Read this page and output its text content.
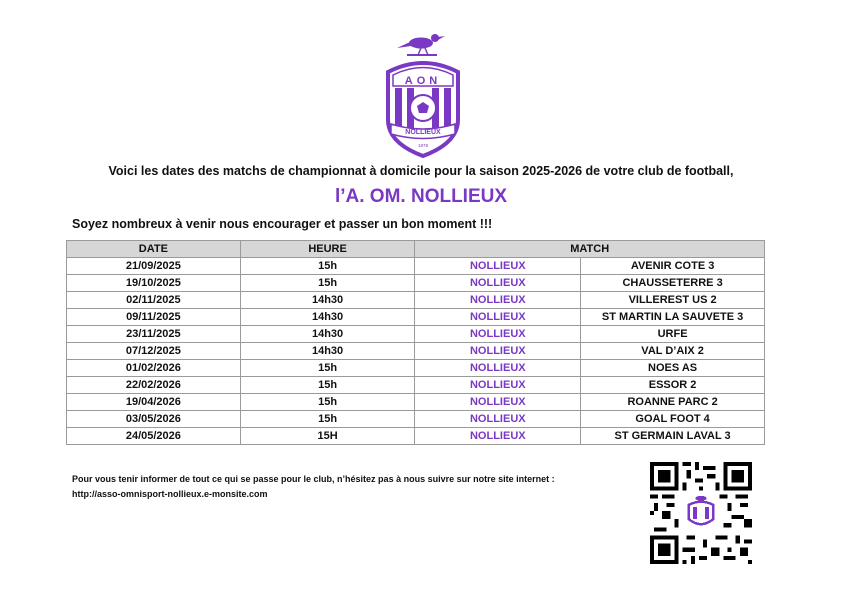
AON
NOLLIEUX
1978
Voici les dates des matchs de championnat à domicile pour la saison 2025-2026 de votre club de football,
l’A. OM. NOLLIEUX
Soyez nombreux à venir nous encourager et passer un bon moment !!!
DATE	HEURE	MATCH	
21/09/2025	15h	NOLLIEUX	AVENIR COTE 3
19/10/2025	15h	NOLLIEUX	CHAUSSETERRE 3
02/11/2025	14h30	NOLLIEUX	VILLEREST US 2
09/11/2025	14h30	NOLLIEUX	ST MARTIN LA SAUVETE 3
23/11/2025	14h30	NOLLIEUX	URFE
07/12/2025	14h30	NOLLIEUX	VAL D’AIX 2
01/02/2026	15h	NOLLIEUX	NOES AS
22/02/2026	15h	NOLLIEUX	ESSOR 2
19/04/2026	15h	NOLLIEUX	ROANNE PARC 2
03/05/2026	15h	NOLLIEUX	GOAL FOOT 4
24/05/2026	15H	NOLLIEUX	ST GERMAIN LAVAL 3
Pour vous tenir informer de tout ce qui se passe pour le club, n’hésitez pas à nous suivre sur notre site internet :
http://asso-omnisport-nollieux.e-monsite.com
